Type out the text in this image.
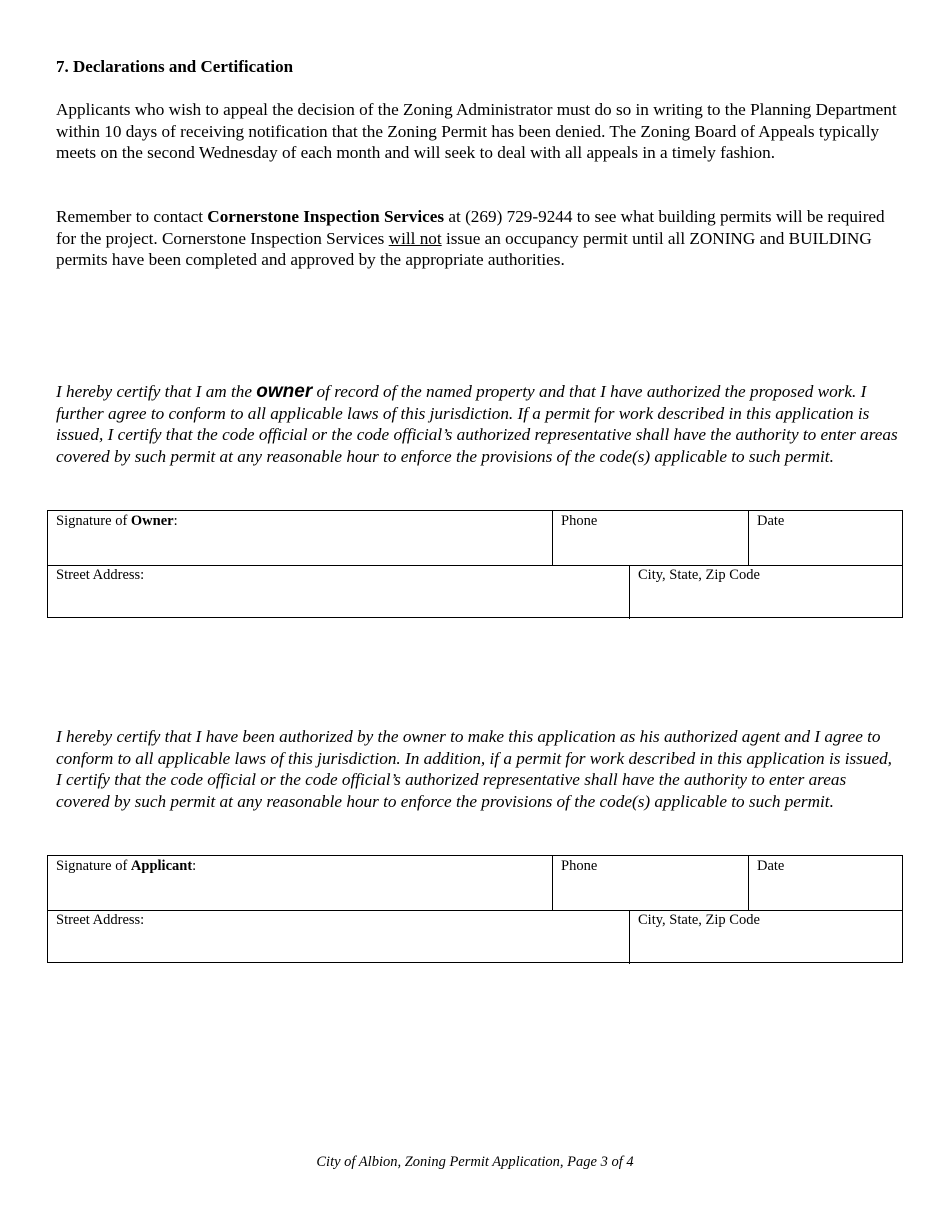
7. Declarations and Certification

Applicants who wish to appeal the decision of the Zoning Administrator must do so in writing to the Planning Department within 10 days of receiving notification that the Zoning Permit has been denied. The Zoning Board of Appeals typically meets on the second Wednesday of each month and will seek to deal with all appeals in a timely fashion.

Remember to contact Cornerstone Inspection Services at (269) 729-9244 to see what building permits will be required for the project. Cornerstone Inspection Services will not issue an occupancy permit until all ZONING and BUILDING permits have been completed and approved by the appropriate authorities.

I hereby certify that I am the owner of record of the named property and that I have authorized the proposed work. I further agree to conform to all applicable laws of this jurisdiction. If a permit for work described in this application is issued, I certify that the code official or the code official’s authorized representative shall have the authority to enter areas covered by such permit at any reasonable hour to enforce the provisions of the code(s) applicable to such permit.

Signature of Owner:	Phone	Date
Street Address:	City, State, Zip Code

I hereby certify that I have been authorized by the owner to make this application as his authorized agent and I agree to conform to all applicable laws of this jurisdiction. In addition, if a permit for work described in this application is issued, I certify that the code official or the code official’s authorized representative shall have the authority to enter areas covered by such permit at any reasonable hour to enforce the provisions of the code(s) applicable to such permit.

Signature of Applicant:	Phone	Date
Street Address:	City, State, Zip Code

City of Albion, Zoning Permit Application, Page 3 of 4
